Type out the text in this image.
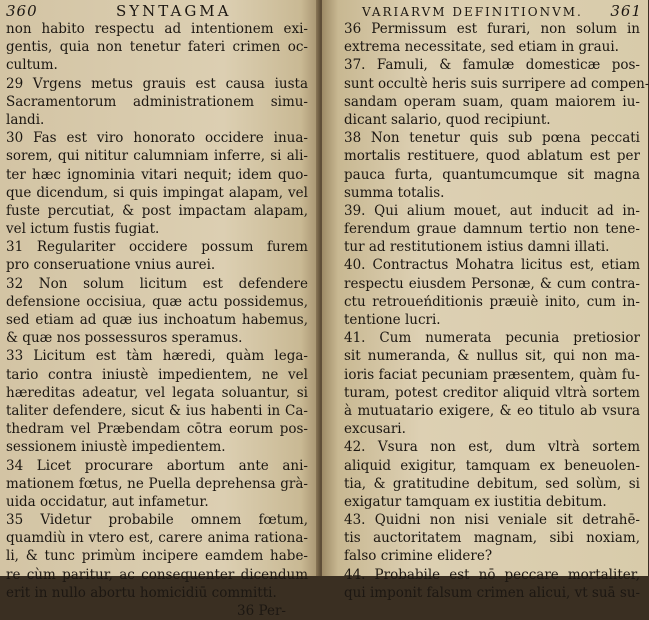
360	SYNTAGMA
non habito respectu ad intentionem exi-
gentis, quia non tenetur fateri crimen oc-
cultum.
29 Vrgens metus grauis est causa iusta
Sacramentorum administrationem simu-
landi.
30 Fas est viro honorato occidere inua-
sorem, qui nititur calumniam inferre, si ali-
ter hæc ignominia vitari nequit; idem quo-
que dicendum, si quis impingat alapam, vel
fuste percutiat, & post impactam alapam,
vel ictum fustis fugiat.
31 Regulariter occidere possum furem
pro conseruatione vnius aurei.
32 Non solum licitum est defendere
defensione occisiua, quæ actu possidemus,
sed etiam ad quæ ius inchoatum habemus,
& quæ nos possessuros speramus.
33 Licitum est tàm hæredi, quàm lega-
tario contra iniustè impedientem, ne vel
hæreditas adeatur, vel legata soluantur, si
taliter defendere, sicut & ius habenti in Ca-
thedram vel Præbendam cōtra eorum pos-
sessionem iniustè impedientem.
34 Licet procurare abortum ante ani-
mationem fœtus, ne Puella deprehensa grà-
uida occidatur, aut infametur.
35 Videtur probabile omnem fœtum,
quamdiù in vtero est, carere anima rationa-
li, & tunc primùm incipere eamdem habe-
re cùm paritur, ac consequenter dicendum
erit in nullo abortu homicidiū committi.
36 Per-
VARIARVM DEFINITIONVM. 361
36 Permissum est furari, non solum in
extrema necessitate, sed etiam in graui.
37. Famuli, & famulæ domesticæ pos-
sunt occultè heris suis surripere ad compen-
sandam operam suam, quam maiorem iu-
dicant salario, quod recipiunt.
38 Non tenetur quis sub pœna peccati
mortalis restituere, quod ablatum est per
pauca furta, quantumcumque sit magna
summa totalis.
39. Qui alium mouet, aut inducit ad in-
ferendum graue damnum tertio non tene-
tur ad restitutionem istius damni illati.
40. Contractus Mohatra licitus est, etiam
respectu eiusdem Personæ, & cum contra-
ctu retroueńditionis præuiè inito, cum in-
tentione lucri.
41. Cum numerata pecunia pretiosior
sit numeranda, & nullus sit, qui non ma-
ioris faciat pecuniam præsentem, quàm fu-
turam, potest creditor aliquid vltrà sortem
à mutuatario exigere, & eo titulo ab vsura
excusari.
42. Vsura non est, dum vltrà sortem
aliquid exigitur, tamquam ex beneuolen-
tia, & gratitudine debitum, sed solùm, si
exigatur tamquam ex iustitia debitum.
43. Quidni non nisi veniale sit detrahē-
tis auctoritatem magnam, sibi noxiam,
falso crimine elidere?
44. Probabile est nō peccare mortaliter,
qui imponit falsum crimen alicui, vt suā su-
